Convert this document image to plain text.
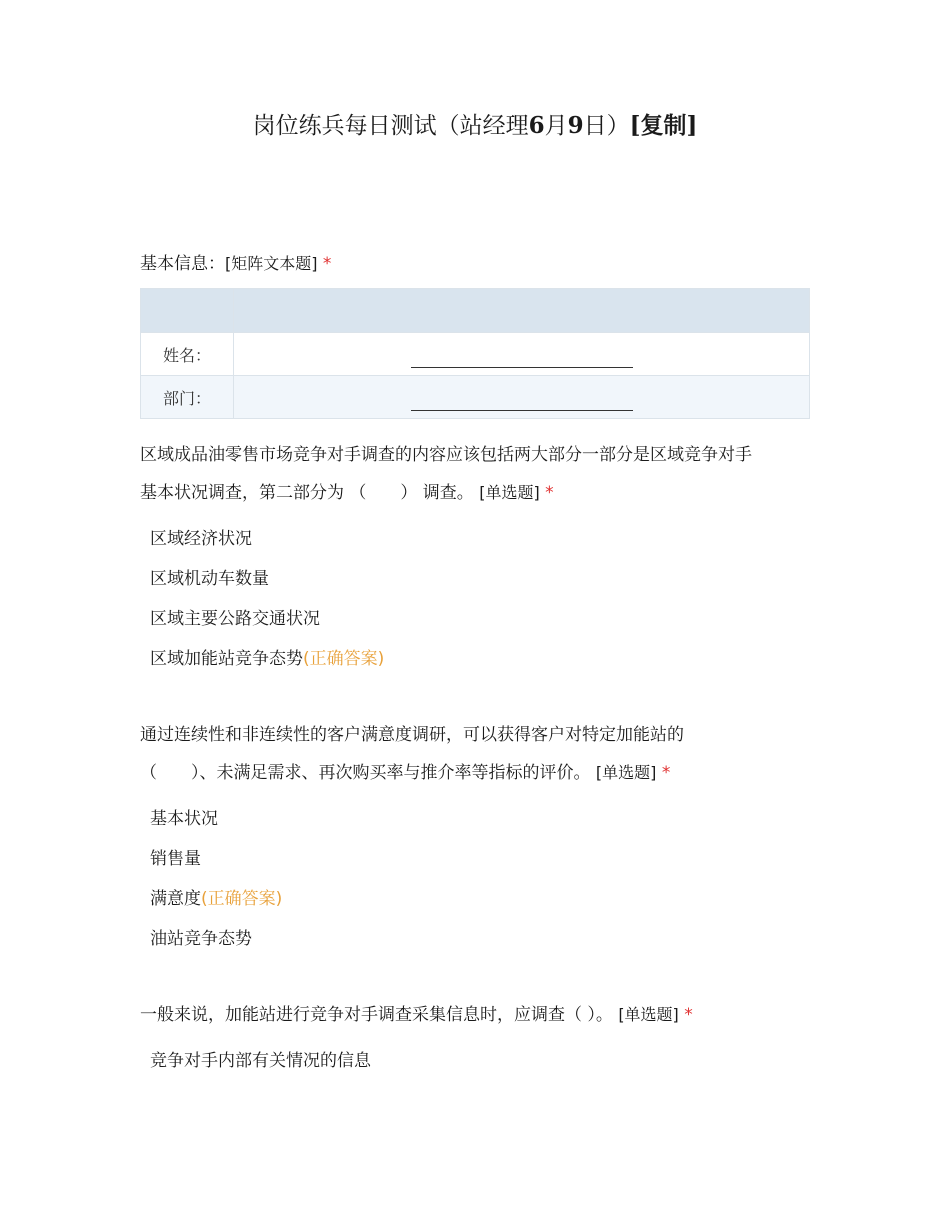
岗位练兵每日测试（站经理6月9日）[复制]
基本信息：[矩阵文本题] *

姓名：	
部门：	
区域成品油零售市场竞争对手调查的内容应该包括两大部分一部分是区域竞争对手
基本状况调查，第二部分为 （　　） 调查。 [单选题] *
区域经济状况
区域机动车数量
区域主要公路交通状况
区域加能站竞争态势(正确答案)
通过连续性和非连续性的客户满意度调研，可以获得客户对特定加能站的
（　　）、未满足需求、再次购买率与推介率等指标的评价。 [单选题] *
基本状况
销售量
满意度(正确答案)
油站竞争态势
一般来说，加能站进行竞争对手调查采集信息时，应调查（ ）。 [单选题] *
竞争对手内部有关情况的信息
